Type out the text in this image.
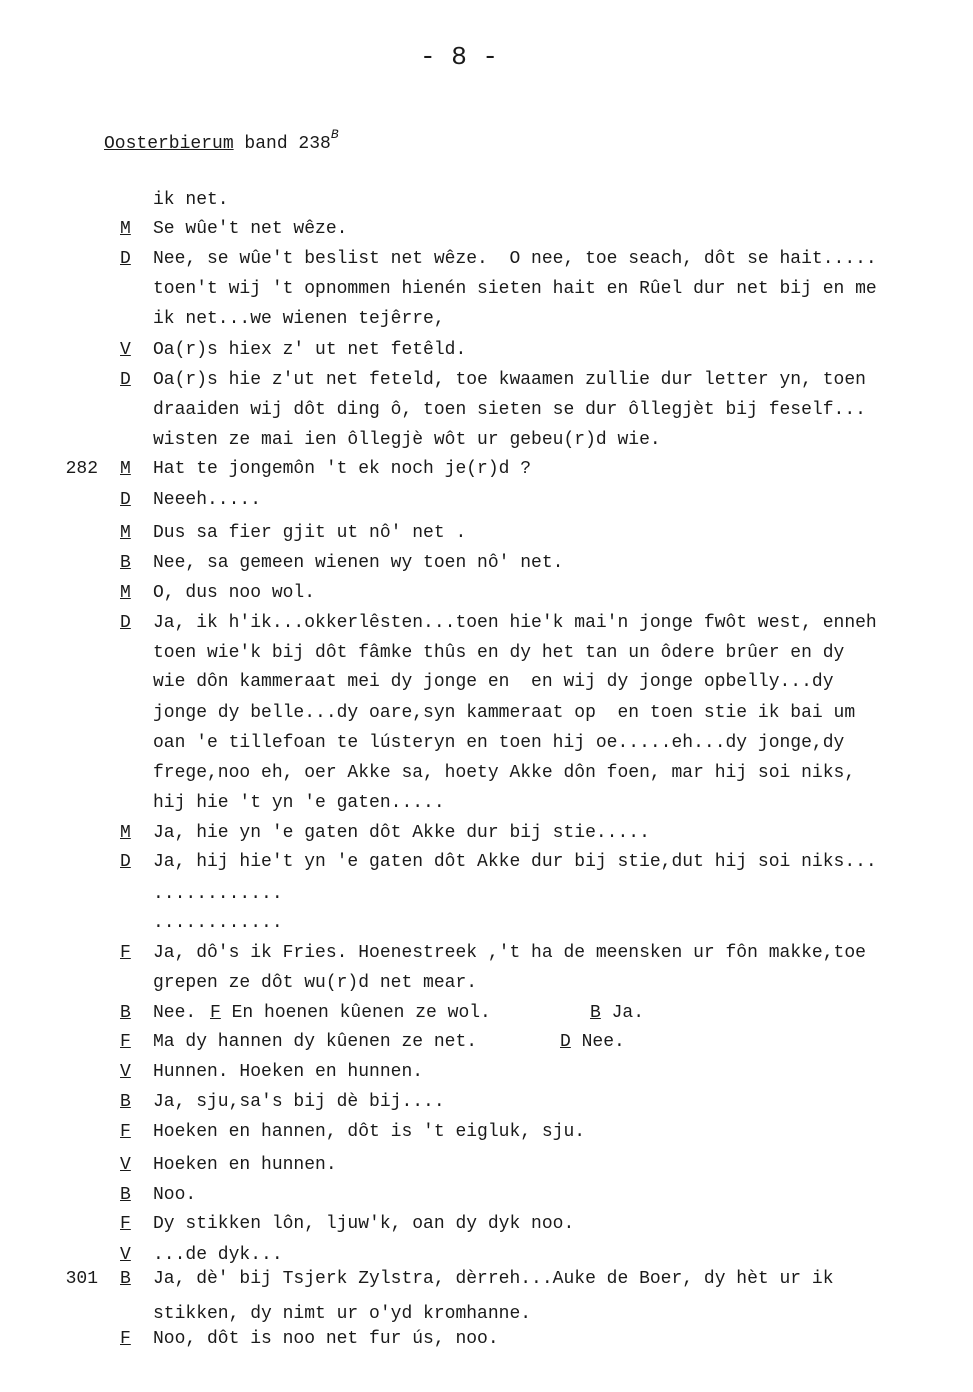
- 8 -
Oosterbierum band $238^B$
ik net.
M	Se wûe't net wêze.
D	Nee, se wûe't beslist net wêze.  O nee, toe seach, dôt se hait.....
toen't wij 't opnommen hienén sieten hait en Rûel dur net bij en me
ik net...we wienen tejêrre,
V	Oa(r)s hiex z' ut net fetêld.
D	Oa(r)s hie z'ut net feteld, toe kwaamen zullie dur letter yn, toen
draaiden wij dôt ding ô, toen sieten se dur ôllegjèt bij feself...
wisten ze mai ien ôllegjè wôt ur gebeu(r)d wie.
282 M	Hat te jongemôn 't ek noch je(r)d ?
D	Neeeh.....
M	Dus sa fier gjit ut nô' net .
B	Nee, sa gemeen wienen wy toen nô' net.
M	O, dus noo wol.
D	Ja, ik h'ik...okkerlêsten...toen hie'k mai'n jonge fwôt west, enneh
toen wie'k bij dôt fâmke thûs en dy het tan un ôdere brûer en dy
wie dôn kammeraat mei dy jonge en  en wij dy jonge opbelly...dy
jonge dy belle...dy oare,syn kammeraat op  en toen stie ik bai um
oan 'e tillefoan te lústeryn en toen hij oe.....eh...dy jonge,dy
frege,noo eh, oer Akke sa, hoety Akke dôn foen, mar hij soi niks,
hij hie 't yn 'e gaten.....
M	Ja, hie yn 'e gaten dôt Akke dur bij stie.....
D	Ja, hij hie't yn 'e gaten dôt Akke dur bij stie,dut hij soi niks...
............
............
F	Ja, dô's ik Fries. Hoenestreek ,'t ha de meensken ur fôn makke,toe
grepen ze dôt wu(r)d net mear.
B	Nee. F En hoenen kûenen ze wol.	B Ja.
F	Ma dy hannen dy kûenen ze net.	D Nee.
V	Hunnen. Hoeken en hunnen.
B	Ja, sju,sa's bij dè bij....
F	Hoeken en hannen, dôt is 't eigluk, sju.
V	Hoeken en hunnen.
B	Noo.
F	Dy stikken lôn, ljuw'k, oan dy dyk noo.
V	...de dyk...
301 B	Ja, dè' bij Tsjerk Zylstra, dèrreh...Auke de Boer, dy hèt ur ik
stikken, dy nimt ur o'yd kromhanne.
F	Noo, dôt is noo net fur ús, noo.
